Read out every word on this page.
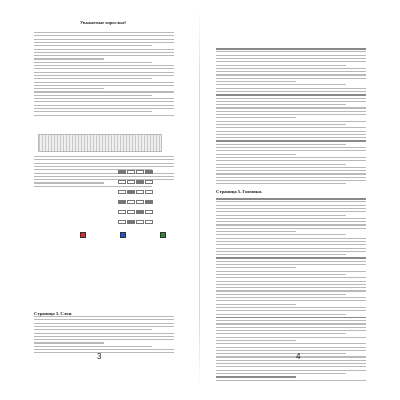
Уважаемые взрослые!
Страница 3. Слон.
3
Страница 5. Гномики.
4
